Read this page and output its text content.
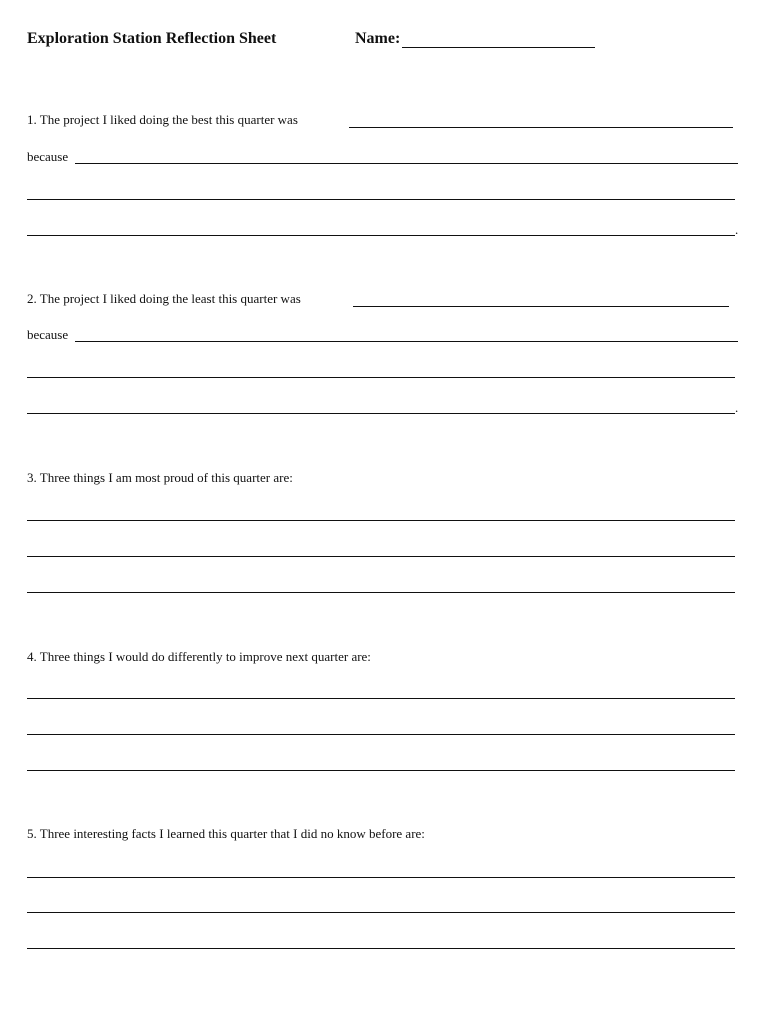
Exploration Station Reflection Sheet	Name:
1. The project I liked doing the best this quarter was
because
.
2. The project I liked doing the least this quarter was
because
.
3. Three things I am most proud of this quarter are:
4. Three things I would do differently to improve next quarter are:
5. Three interesting facts I learned this quarter that I did no know before are:
